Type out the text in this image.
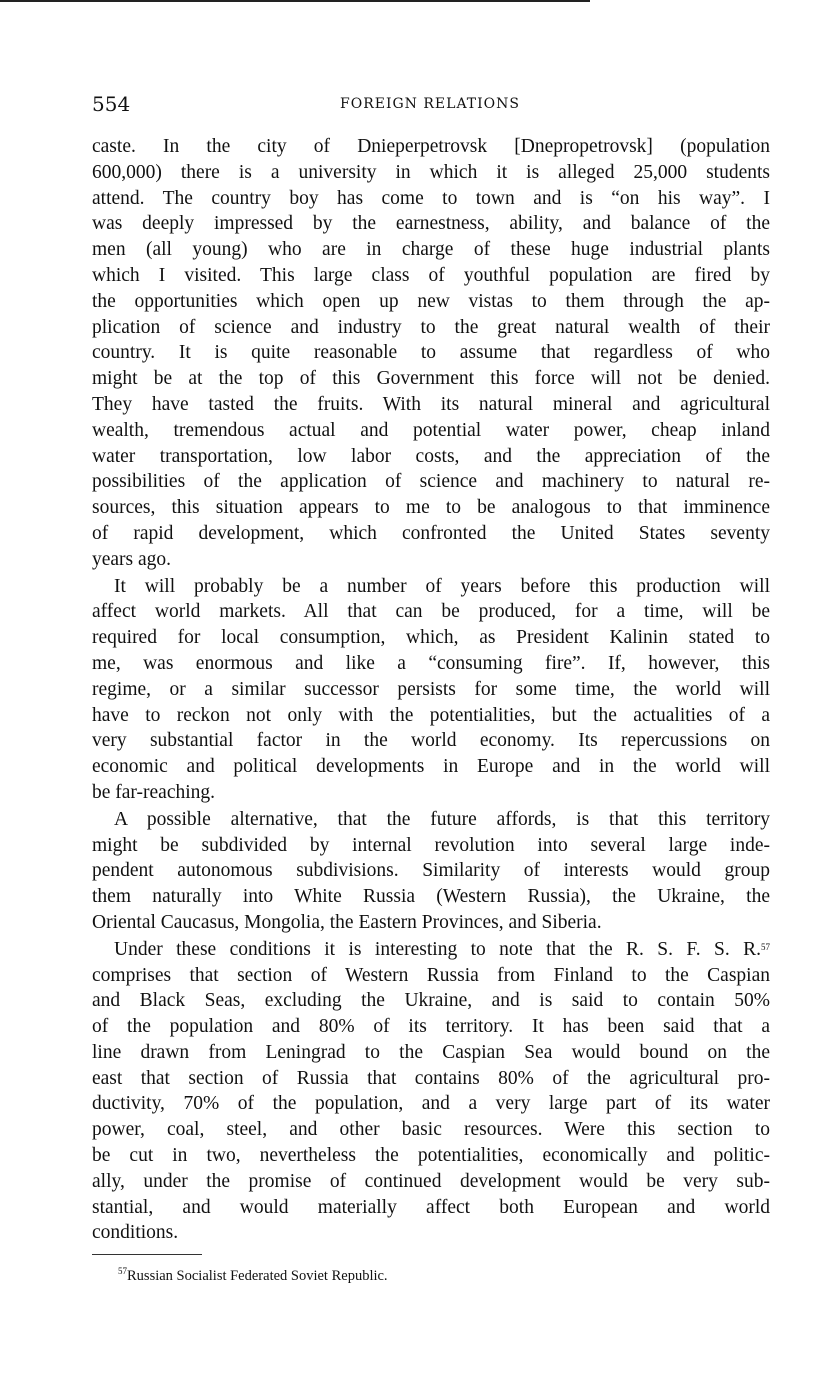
554	FOREIGN RELATIONS
caste. In the city of Dnieperpetrovsk [Dnepropetrovsk] (population
600,000) there is a university in which it is alleged 25,000 students
attend. The country boy has come to town and is “on his way”. I
was deeply impressed by the earnestness, ability, and balance of the
men (all young) who are in charge of these huge industrial plants
which I visited. This large class of youthful population are fired by
the opportunities which open up new vistas to them through the ap-
plication of science and industry to the great natural wealth of their
country. It is quite reasonable to assume that regardless of who
might be at the top of this Government this force will not be denied.
They have tasted the fruits. With its natural mineral and agricultural
wealth, tremendous actual and potential water power, cheap inland
water transportation, low labor costs, and the appreciation of the
possibilities of the application of science and machinery to natural re-
sources, this situation appears to me to be analogous to that imminence
of rapid development, which confronted the United States seventy
years ago.
It will probably be a number of years before this production will
affect world markets. All that can be produced, for a time, will be
required for local consumption, which, as President Kalinin stated to
me, was enormous and like a “consuming fire”. If, however, this
regime, or a similar successor persists for some time, the world will
have to reckon not only with the potentialities, but the actualities of a
very substantial factor in the world economy. Its repercussions on
economic and political developments in Europe and in the world will
be far-reaching.
A possible alternative, that the future affords, is that this territory
might be subdivided by internal revolution into several large inde-
pendent autonomous subdivisions. Similarity of interests would group
them naturally into White Russia (Western Russia), the Ukraine, the
Oriental Caucasus, Mongolia, the Eastern Provinces, and Siberia.
Under these conditions it is interesting to note that the R. S. F. S. R.$^{57}$
comprises that section of Western Russia from Finland to the Caspian
and Black Seas, excluding the Ukraine, and is said to contain 50%
of the population and 80% of its territory. It has been said that a
line drawn from Leningrad to the Caspian Sea would bound on the
east that section of Russia that contains 80% of the agricultural pro-
ductivity, 70% of the population, and a very large part of its water
power, coal, steel, and other basic resources. Were this section to
be cut in two, nevertheless the potentialities, economically and politic-
ally, under the promise of continued development would be very sub-
stantial, and would materially affect both European and world
conditions.
$^{57}$Russian Socialist Federated Soviet Republic.
